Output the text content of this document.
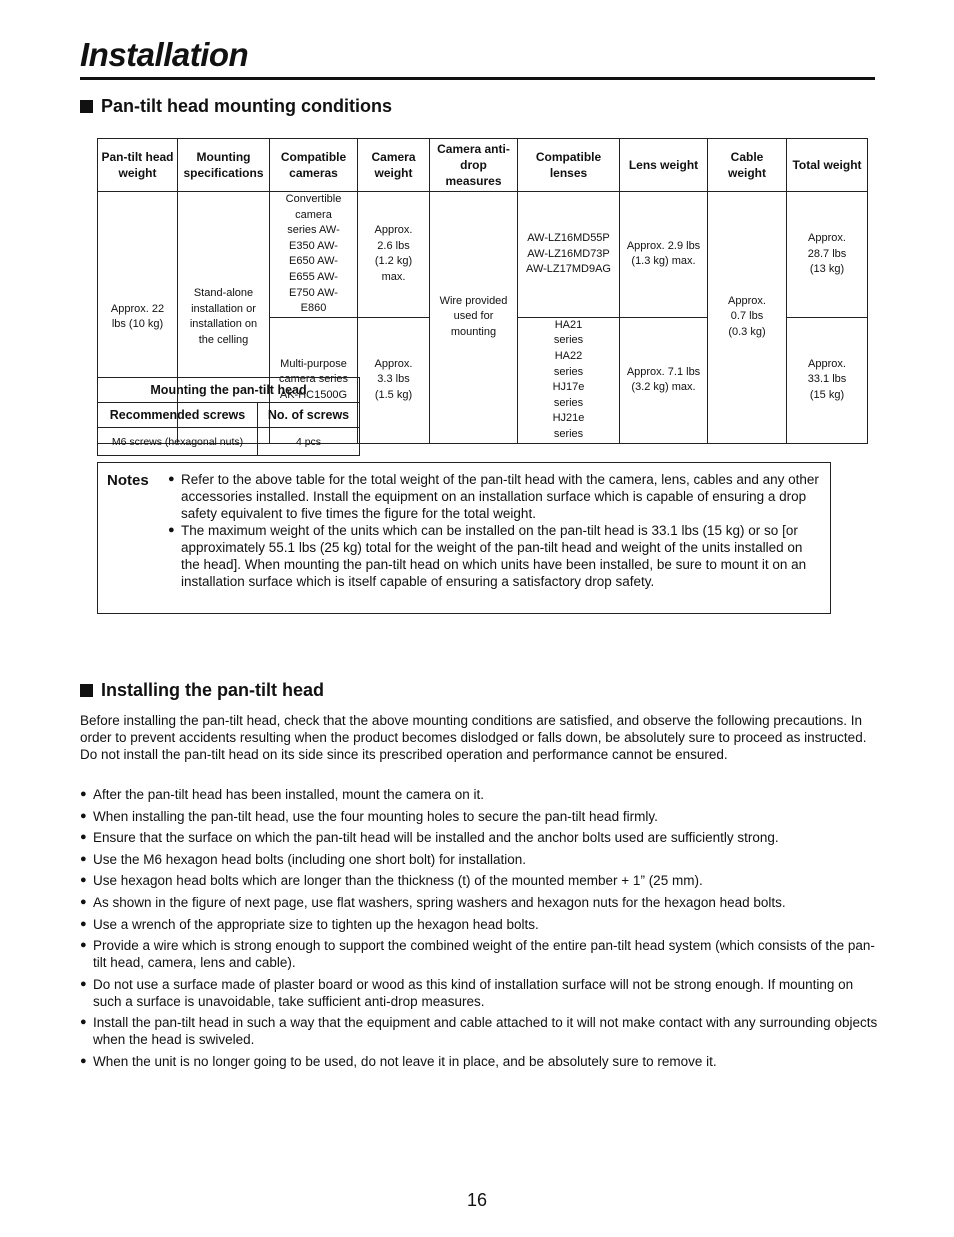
Installation
Pan-tilt head mounting conditions
Pan-tilt head weight	Mounting specifications	Compatible cameras	Camera weight	Camera anti-drop measures	Compatible lenses	Lens weight	Cable weight	Total weight
Approx. 22 lbs (10 kg)	Stand-alone installation or installation on the celling	Convertible camera series AW-E350 AW-E650 AW-E655 AW-E750 AW-E860	Approx. 2.6 lbs (1.2 kg) max.	Wire provided used for mounting	AW-LZ16MD55P AW-LZ16MD73P AW-LZ17MD9AG	Approx. 2.9 lbs (1.3 kg) max.	Approx. 0.7 lbs (0.3 kg)	Approx. 28.7 lbs (13 kg)
		Multi-purpose camera series AK-HC1500G	Approx. 3.3 lbs (1.5 kg)		HA21 series HA22 series HJ17e series HJ21e series	Approx. 7.1 lbs (3.2 kg) max.		Approx. 33.1 lbs (15 kg)
Mounting the pan-tilt head	
Recommended screws	No. of screws
M6 screws (hexagonal nuts)	4 pcs
Notes ● Refer to the above table for the total weight of the pan-tilt head with the camera, lens, cables and any other accessories installed. Install the equipment on an installation surface which is capable of ensuring a drop safety equivalent to five times the figure for the total weight.
● The maximum weight of the units which can be installed on the pan-tilt head is 33.1 lbs (15 kg) or so [or approximately 55.1 lbs (25 kg) total for the weight of the pan-tilt head and weight of the units installed on the head]. When mounting the pan-tilt head on which units have been installed, be sure to mount it on an installation surface which is itself capable of ensuring a satisfactory drop safety.
Installing the pan-tilt head

Before installing the pan-tilt head, check that the above mounting conditions are satisfied, and observe the following precautions. In order to prevent accidents resulting when the product becomes dislodged or falls down, be absolutely sure to proceed as instructed. Do not install the pan-tilt head on its side since its prescribed operation and performance cannot be ensured.

● After the pan-tilt head has been installed, mount the camera on it.
● When installing the pan-tilt head, use the four mounting holes to secure the pan-tilt head firmly.
● Ensure that the surface on which the pan-tilt head will be installed and the anchor bolts used are sufficiently strong.
● Use the M6 hexagon head bolts (including one short bolt) for installation.
● Use hexagon head bolts which are longer than the thickness (t) of the mounted member + 1” (25 mm).
● As shown in the figure of next page, use flat washers, spring washers and hexagon nuts for the hexagon head bolts.
● Use a wrench of the appropriate size to tighten up the hexagon head bolts.
● Provide a wire which is strong enough to support the combined weight of the entire pan-tilt head system (which consists of the pan-tilt head, camera, lens and cable).
● Do not use a surface made of plaster board or wood as this kind of installation surface will not be strong enough. If mounting on such a surface is unavoidable, take sufficient anti-drop measures.
● Install the pan-tilt head in such a way that the equipment and cable attached to it will not make contact with any surrounding objects when the head is swiveled.
● When the unit is no longer going to be used, do not leave it in place, and be absolutely sure to remove it.
16
